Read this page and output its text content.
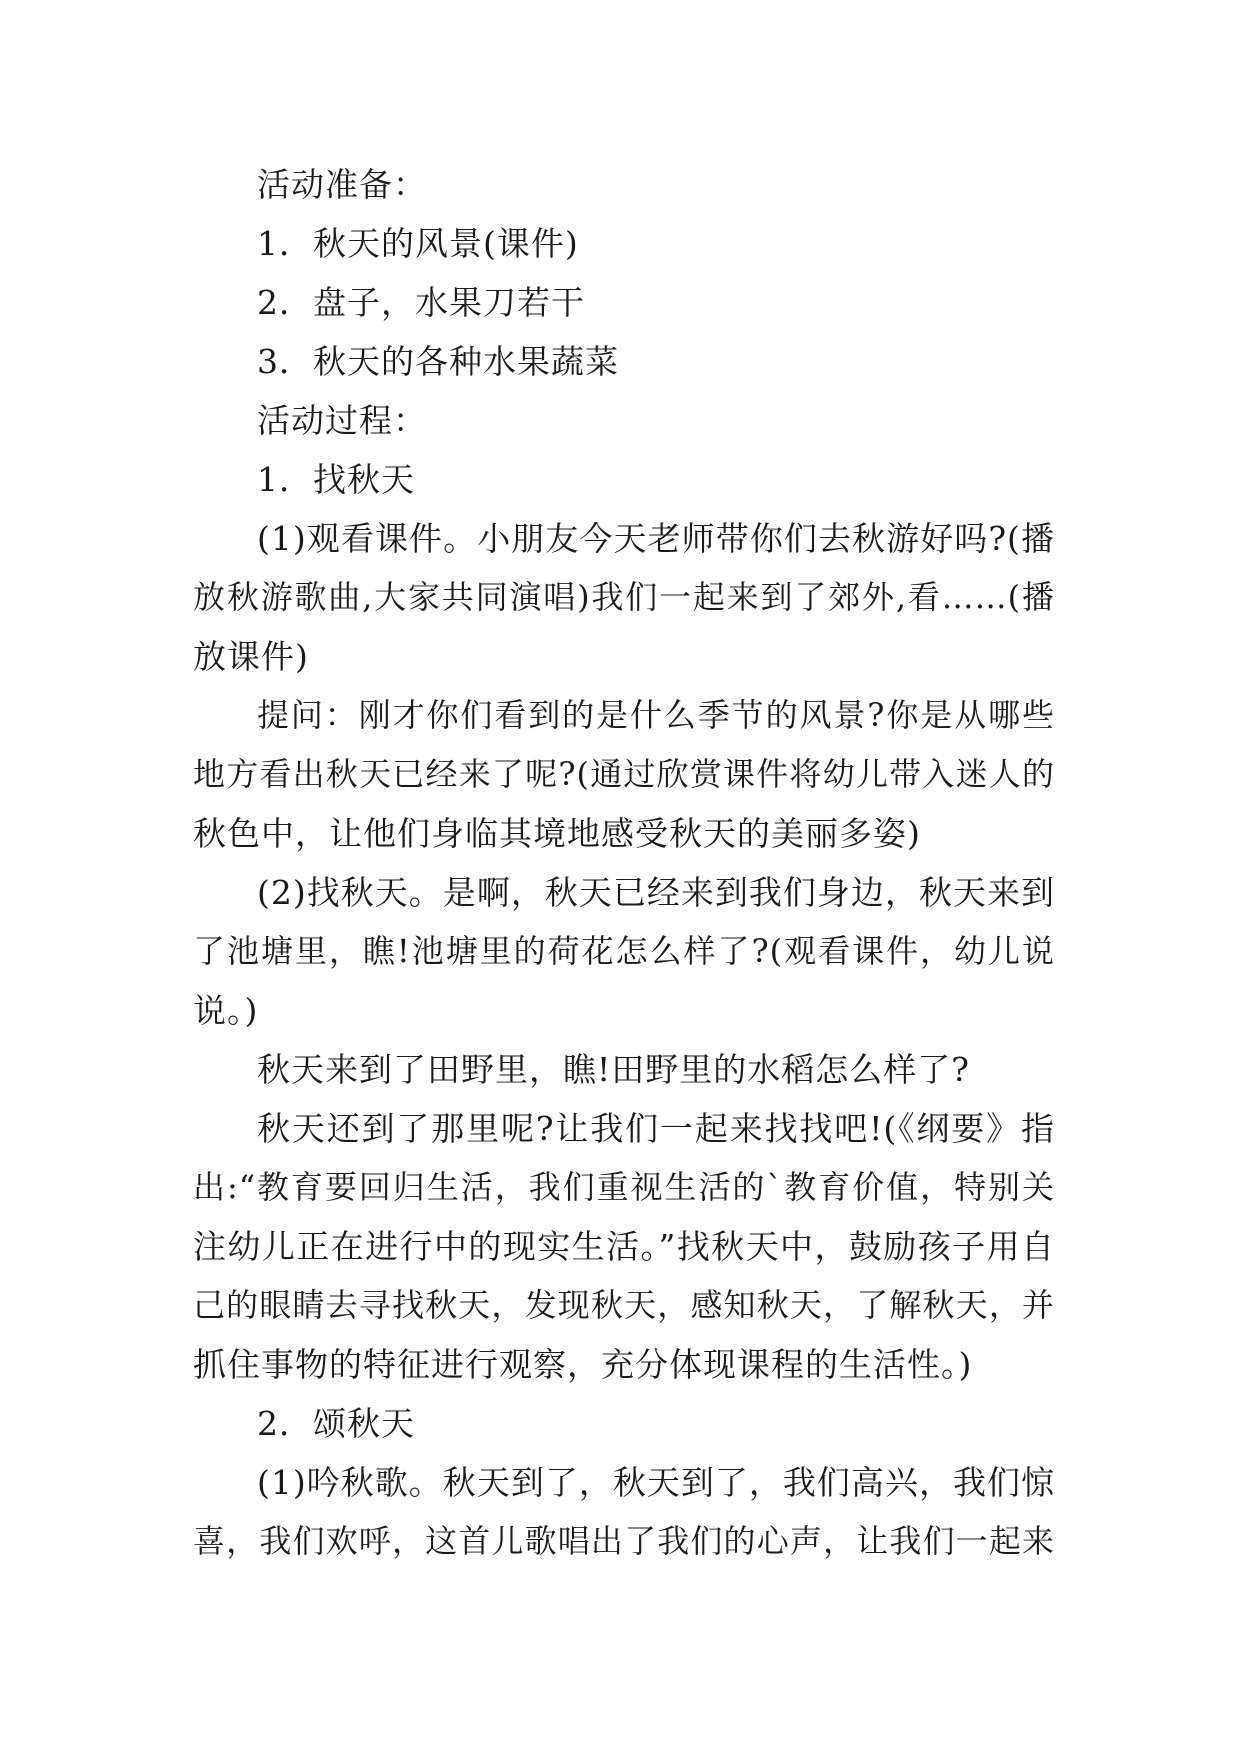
活动准备：

1．秋天的风景(课件)

2．盘子，水果刀若干

3．秋天的各种水果蔬菜

活动过程：

1．找秋天

(1)观看课件。小朋友今天老师带你们去秋游好吗?(播

放秋游歌曲,大家共同演唱)我们一起来到了郊外,看……(播

放课件)

提问：刚才你们看到的是什么季节的风景?你是从哪些

地方看出秋天已经来了呢?(通过欣赏课件将幼儿带入迷人的

秋色中，让他们身临其境地感受秋天的美丽多姿)

(2)找秋天。是啊，秋天已经来到我们身边，秋天来到

了池塘里，瞧!池塘里的荷花怎么样了?(观看课件，幼儿说

说。)

秋天来到了田野里，瞧!田野里的水稻怎么样了?

秋天还到了那里呢?让我们一起来找找吧!(《纲要》指

出:“教育要回归生活，我们重视生活的`教育价值，特别关

注幼儿正在进行中的现实生活。”找秋天中，鼓励孩子用自

己的眼睛去寻找秋天，发现秋天，感知秋天，了解秋天，并

抓住事物的特征进行观察，充分体现课程的生活性。)

2．颂秋天

(1)吟秋歌。秋天到了，秋天到了，我们高兴，我们惊

喜，我们欢呼，这首儿歌唱出了我们的心声，让我们一起来
